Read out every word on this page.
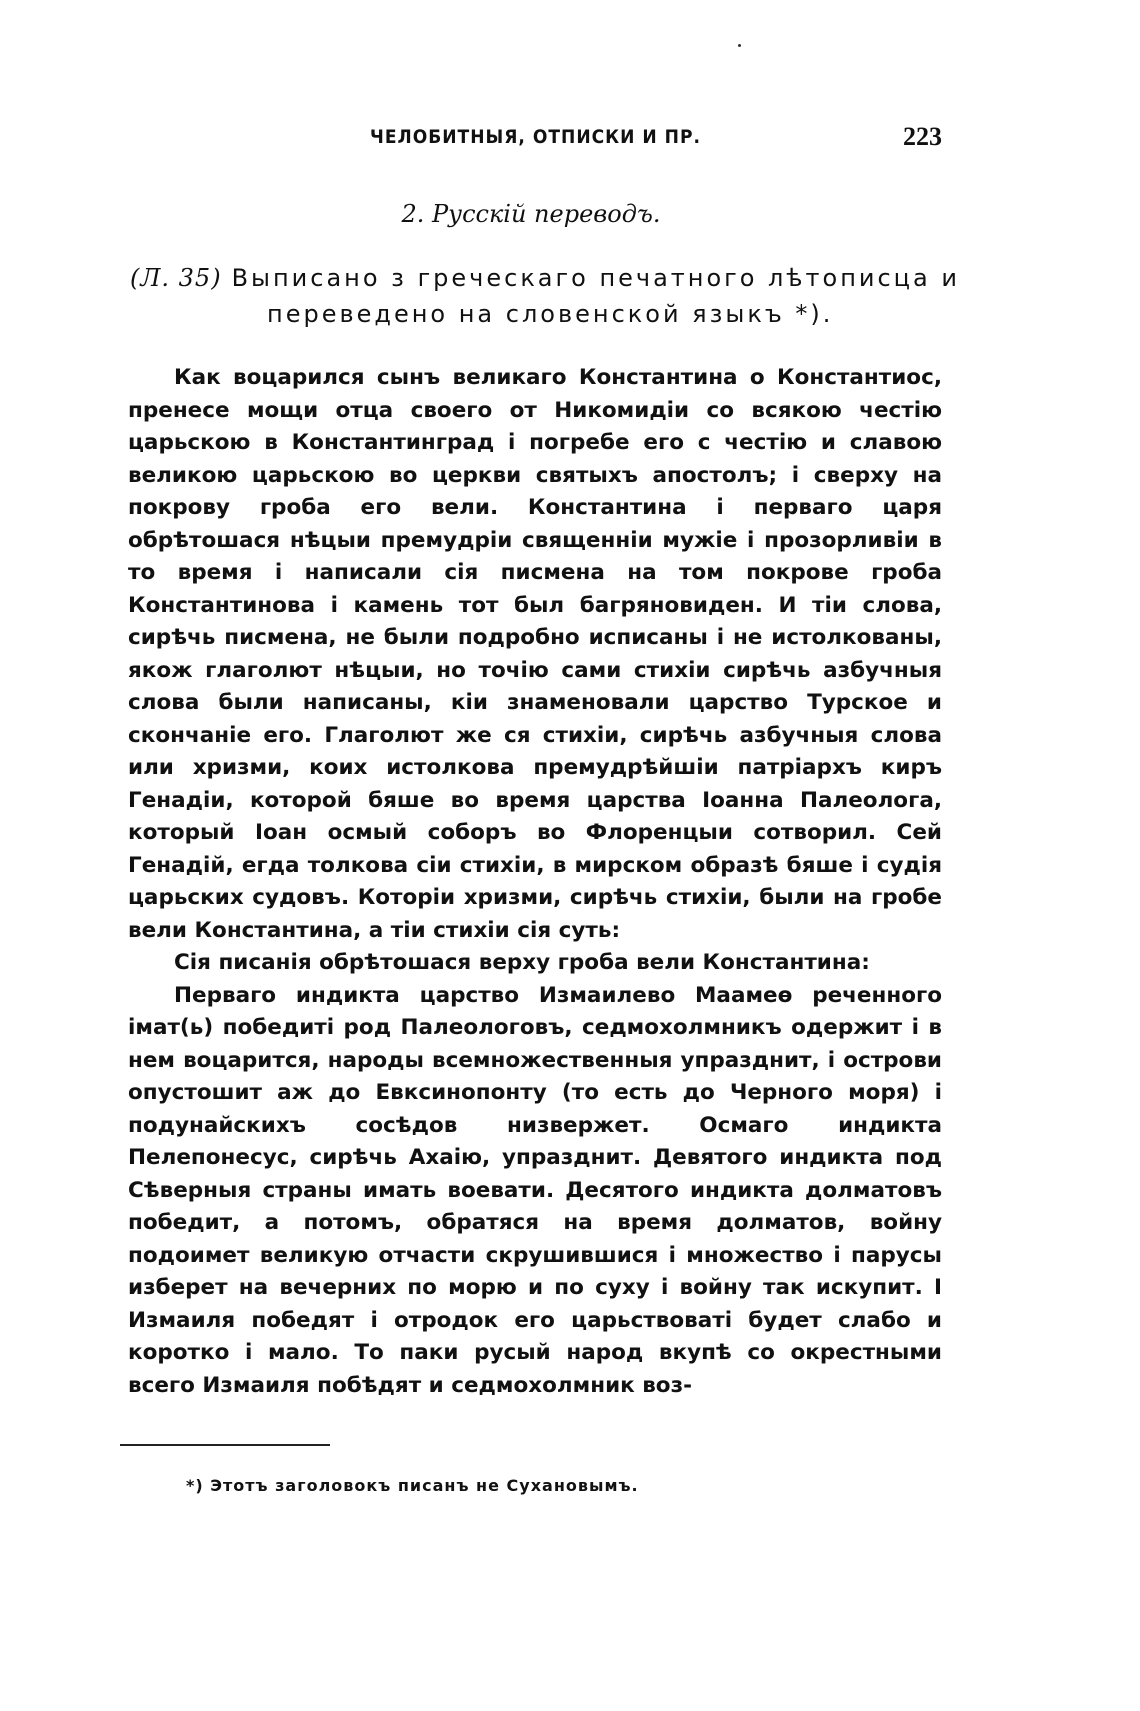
ЧЕЛОБИТНЫЯ, ОТПИСКИ И ПР.	223
2. Русскій переводъ.
(Л. 35) Выписано з греческаго печатного лѣтописца и
переведено на словенской языкъ *).

Как воцарился сынъ великаго Константина о Константиос, пренесе мощи отца своего от Никомидіи со всякою честію царьскою в Константинград і погребе его с честію и славою великою царьскою во церкви святыхъ апостолъ; і сверху на покрову гроба его вели. Константина і перваго царя обрѣтошася нѣцыи премудріи священніи мужіе і прозорливіи в то время і написали сія писмена на том покрове гроба Константинова і камень тот был багряновиден. И тіи слова, сирѣчь писмена, не были подробно исписаны і не истолкованы, якож глаголют нѣцыи, но точію сами стихіи сирѣчь азбучныя слова были написаны, кіи знаменовали царство Турское и скончаніе его. Глаголют же ся стихіи, сирѣчь азбучныя слова или хризми, коих истолкова премудрѣйшіи патріархъ киръ Генадіи, которой бяше во время царства Іоанна Палеолога, который Іоан осмый соборъ во Флоренцыи сотворил. Сей Генадій, егда толкова сіи стихіи, в мирском образѣ бяше і судія царьских судовъ. Которіи хризми, сирѣчь стихіи, были на гробе вели Константина, а тіи стихіи сія суть:

Сія писанія обрѣтошася верху гроба вели Константина:

Перваго индикта царство Измаилево Маамеѳ реченного імат(ь) победиті род Палеологовъ, седмохолмникъ одержит і в нем воцарится, народы всемножественныя упразднит, і острови опустошит аж до Евксинопонту (то есть до Черного моря) і подунайскихъ сосѣдов низвержет. Осмаго индикта Пелепонесус, сирѣчь Ахаію, упразднит. Девятого индикта под Сѣверныя страны имать воевати. Десятого индикта долматовъ победит, а потомъ, обратяся на время долматов, войну подоимет великую отчасти скрушившися і множество і парусы изберет на вечерних по морю и по суху і войну так искупит. І Измаиля победят і отродок его царьствоваті будет слабо и коротко і мало. То паки русый народ вкупѣ со окрестными всего Измаиля побѣдят и седмохолмник воз-

*) Этотъ заголовокъ писанъ не Сухановымъ.
